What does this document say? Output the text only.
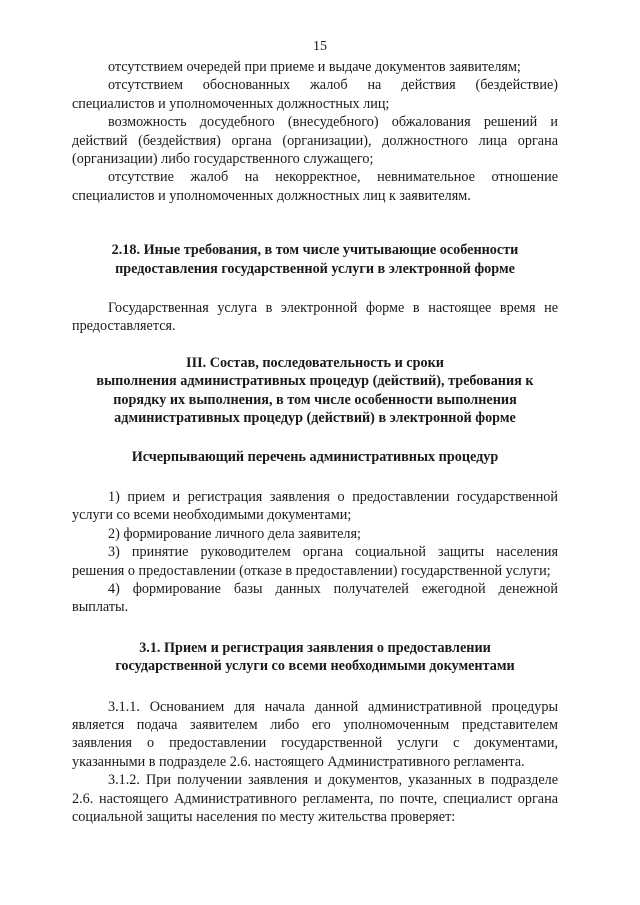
15

отсутствием очередей при приеме и выдаче документов заявителям;

отсутствием обоснованных жалоб на действия (бездействие) специалистов и уполномоченных должностных лиц;

возможность досудебного (внесудебного) обжалования решений и действий (бездействия) органа (организации), должностного лица органа (организации) либо государственного служащего;

отсутствие жалоб на некорректное, невнимательное отношение специалистов и уполномоченных должностных лиц к заявителям.

2.18. Иные требования, в том числе учитывающие особенности
предоставления государственной услуги в электронной форме

Государственная услуга в электронной форме в настоящее время не предоставляется.

III. Состав, последовательность и сроки
выполнения административных процедур (действий), требования к
порядку их выполнения, в том числе особенности выполнения
административных процедур (действий) в электронной форме
Исчерпывающий перечень административных процедур

1) прием и регистрация заявления о предоставлении государственной услуги со всеми необходимыми документами;

2) формирование личного дела заявителя;

3) принятие руководителем органа социальной защиты населения решения о предоставлении (отказе в предоставлении) государственной услуги;

4) формирование базы данных получателей ежегодной денежной выплаты.

3.1. Прием и регистрация заявления о предоставлении
государственной услуги со всеми необходимыми документами

3.1.1. Основанием для начала данной административной процедуры является подача заявителем либо его уполномоченным представителем заявления о предоставлении государственной услуги с документами, указанными в подразделе 2.6. настоящего Административного регламента.

3.1.2. При получении заявления и документов, указанных в подразделе 2.6. настоящего Административного регламента, по почте, специалист органа социальной защиты населения по месту жительства проверяет:
